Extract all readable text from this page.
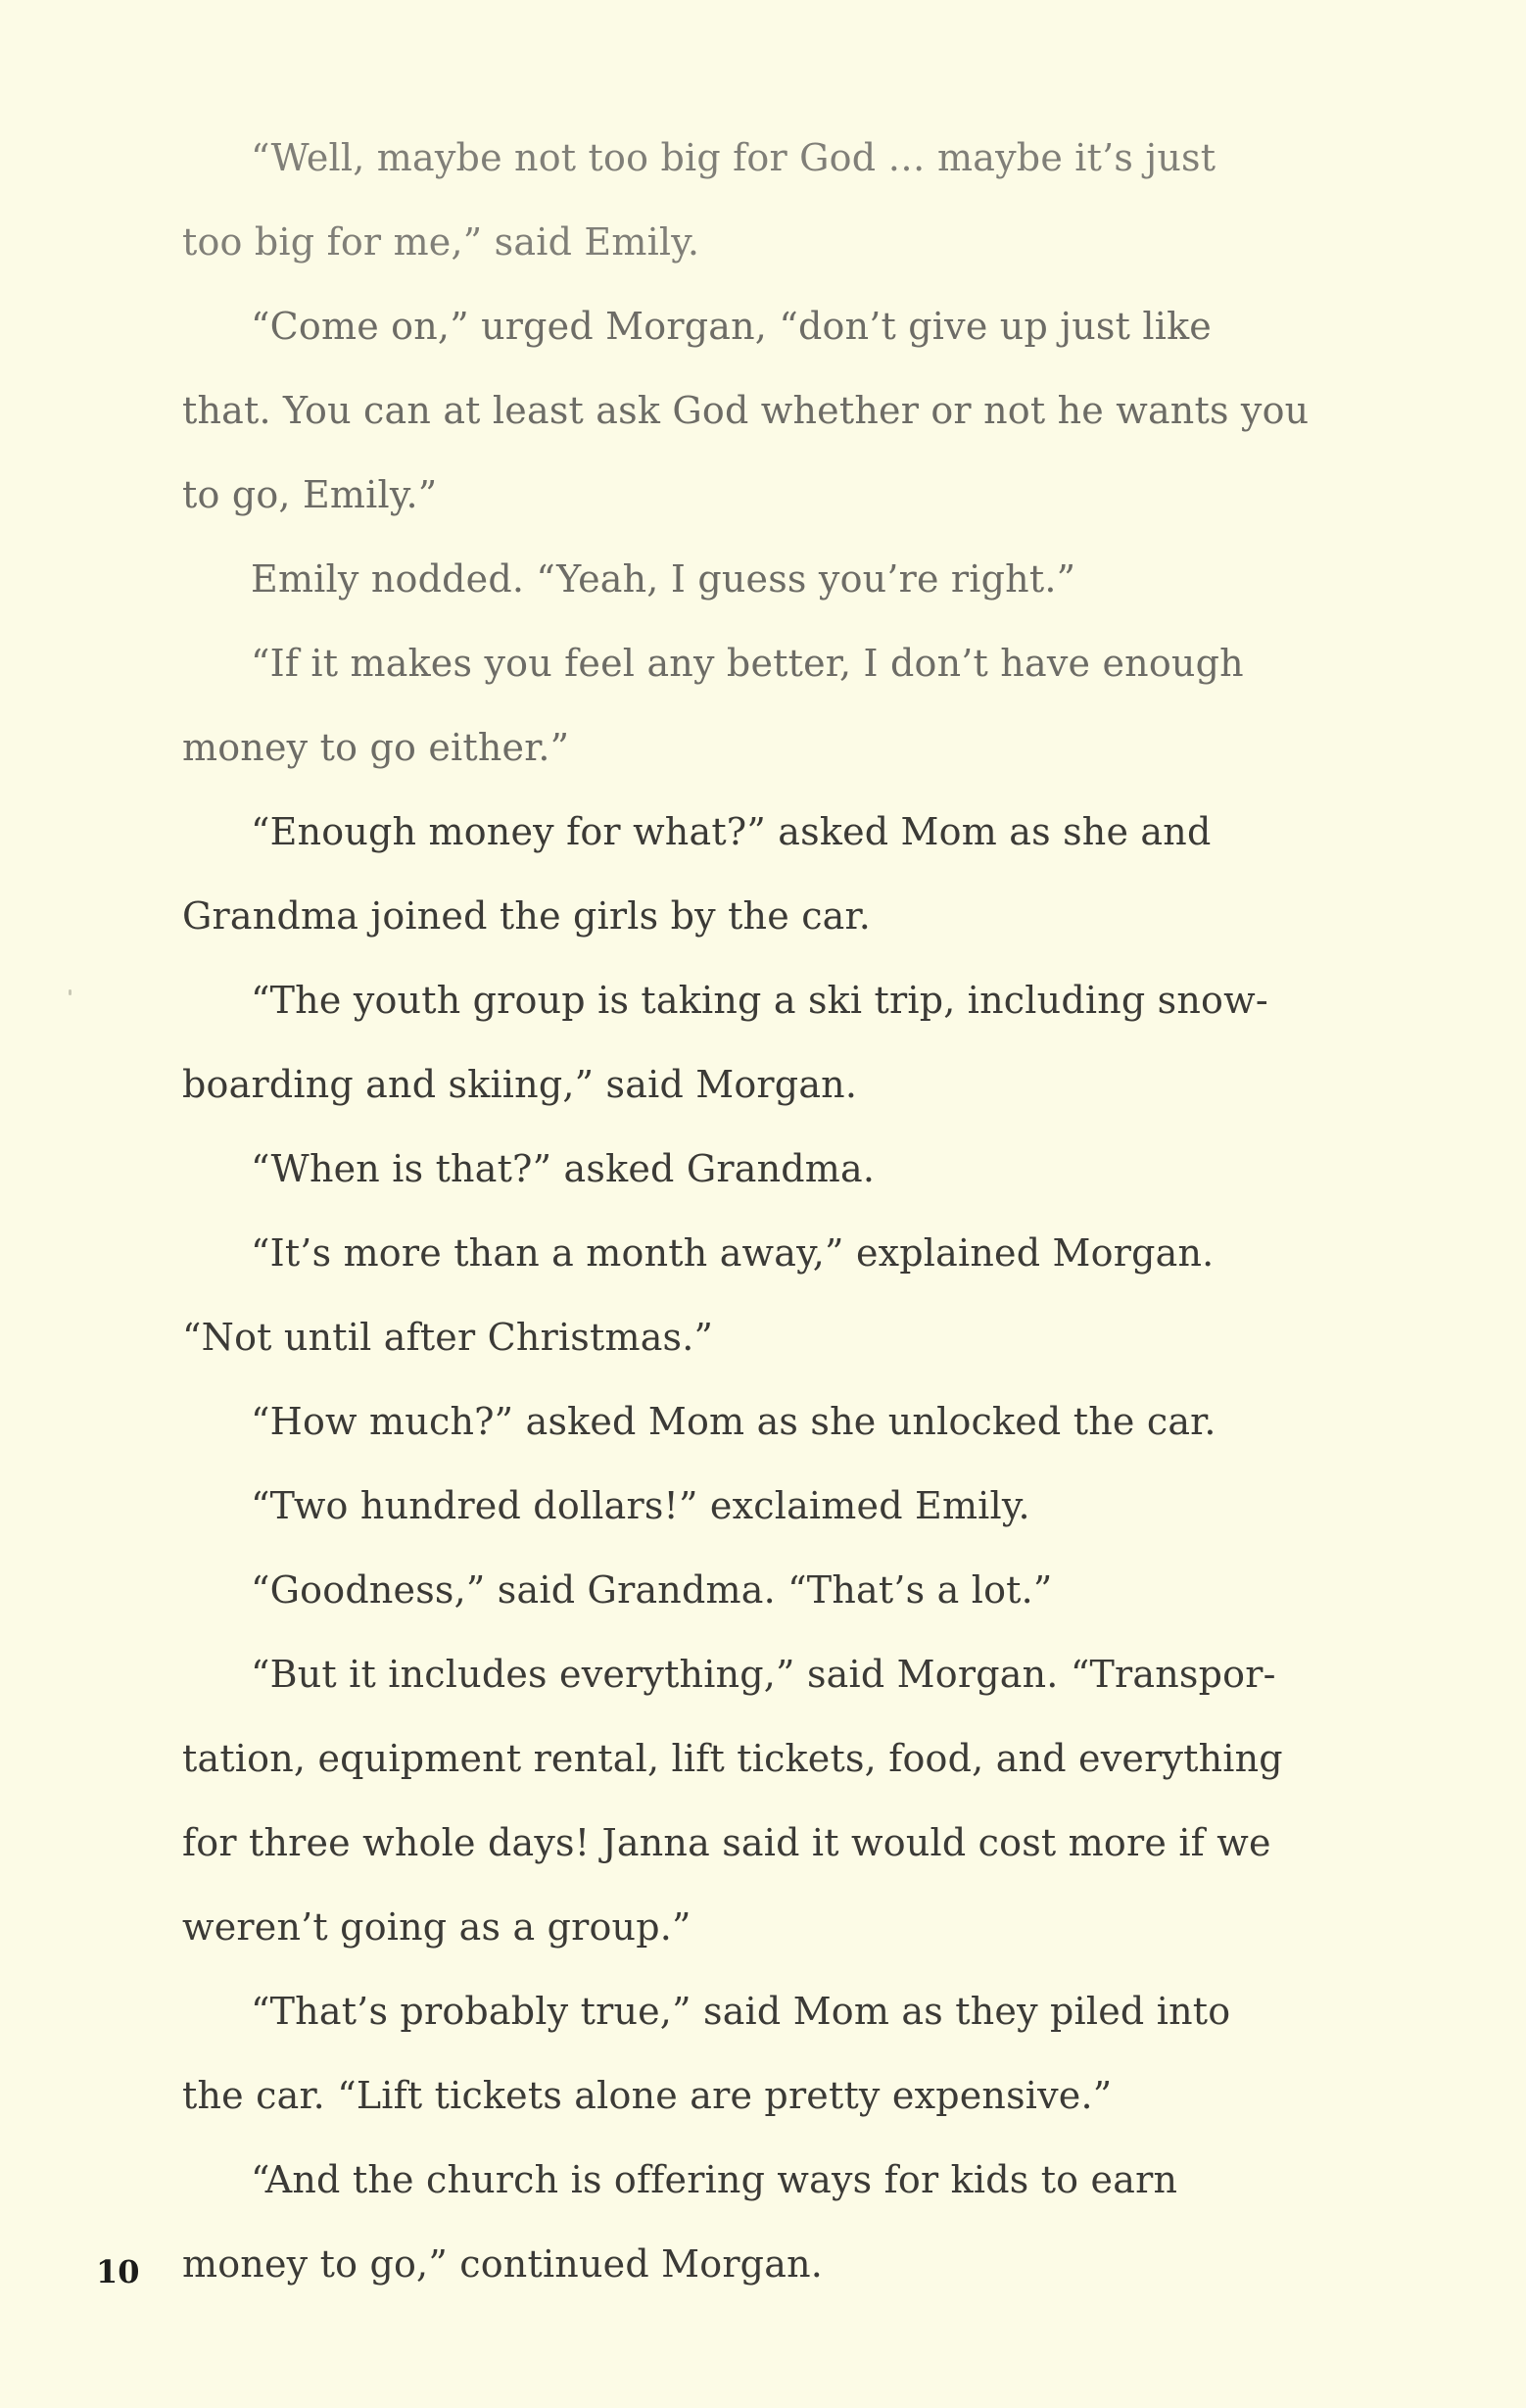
“Well, maybe not too big for God … maybe it’s just
too big for me,” said Emily.
“Come on,” urged Morgan, “don’t give up just like
that. You can at least ask God whether or not he wants you
to go, Emily.”
Emily nodded. “Yeah, I guess you’re right.”
“If it makes you feel any better, I don’t have enough
money to go either.”
“Enough money for what?” asked Mom as she and
Grandma joined the girls by the car.
“The youth group is taking a ski trip, including snow-
boarding and skiing,” said Morgan.
“When is that?” asked Grandma.
“It’s more than a month away,” explained Morgan.
“Not until after Christmas.”
“How much?” asked Mom as she unlocked the car.
“Two hundred dollars!” exclaimed Emily.
“Goodness,” said Grandma. “That’s a lot.”
“But it includes everything,” said Morgan. “Transpor-
tation, equipment rental, lift tickets, food, and everything
for three whole days! Janna said it would cost more if we
weren’t going as a group.”
“That’s probably true,” said Mom as they piled into
the car. “Lift tickets alone are pretty expensive.”
“And the church is offering ways for kids to earn
money to go,” continued Morgan.
10
